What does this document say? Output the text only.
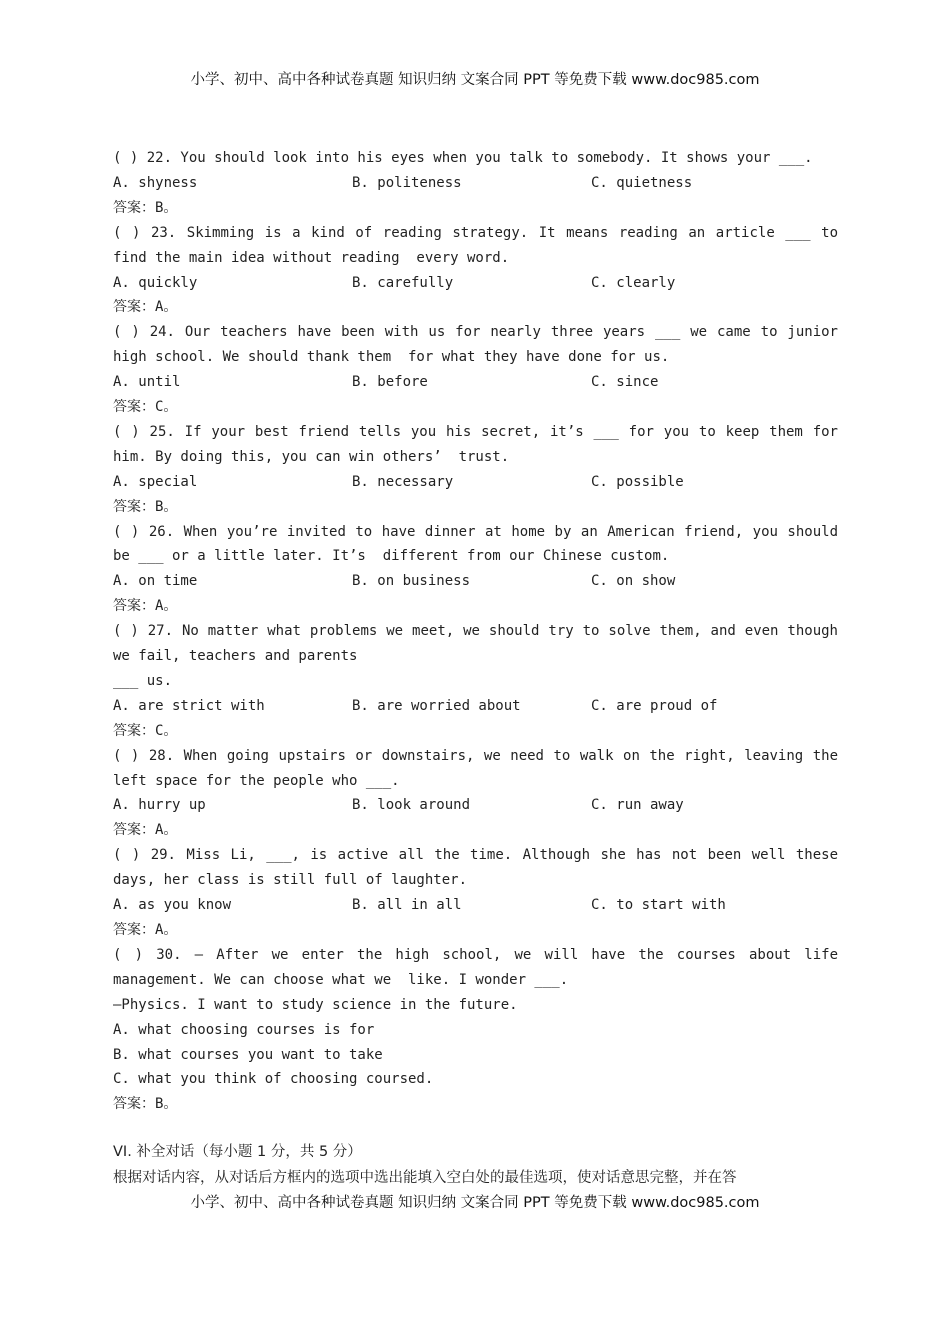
小学、初中、高中各种试卷真题 知识归纳 文案合同 PPT 等免费下载 www.doc985.com
( ) 22. You should look into his eyes when you talk to somebody. It shows your ___.
A. shyness	B. politeness	C. quietness
答案：B。
( ) 23. Skimming is a kind of reading strategy. It means reading an article ___ to
find the main idea without reading  every word.
A. quickly	B. carefully	C. clearly
答案：A。
( ) 24. Our teachers have been with us for nearly three years ___ we came to junior
high school. We should thank them  for what they have done for us.
A. until	B. before	C. since
答案：C。
( ) 25. If your best friend tells you his secret, it’s ___ for you to keep them for
him. By doing this, you can win others’  trust.
A. special	B. necessary	C. possible
答案：B。
( ) 26. When you’re invited to have dinner at home by an American friend, you should
be ___ or a little later. It’s  different from our Chinese custom.
A. on time	B. on business	C. on show
答案：A。
( ) 27. No matter what problems we meet, we should try to solve them, and even though
we fail, teachers and parents
___ us.
A. are strict with	B. are worried about	C. are proud of
答案：C。
( ) 28. When going upstairs or downstairs, we need to walk on the right, leaving the
left space for the people who ___.
A. hurry up	B. look around	C. run away
答案：A。
( ) 29. Miss Li, ___, is active all the time. Although she has not been well these
days, her class is still full of laughter.
A. as you know	B. all in all	C. to start with
答案：A。
( ) 30. — After we enter the high school, we will have the courses about life
management. We can choose what we  like. I wonder ___.
—Physics. I want to study science in the future.
A. what choosing courses is for
B. what courses you want to take
C. what you think of choosing coursed.
答案：B。
VI. 补全对话（每小题 1 分，共 5 分）
根据对话内容，从对话后方框内的选项中选出能填入空白处的最佳选项，使对话意思完整，并在答
小学、初中、高中各种试卷真题 知识归纳 文案合同 PPT 等免费下载 www.doc985.com
